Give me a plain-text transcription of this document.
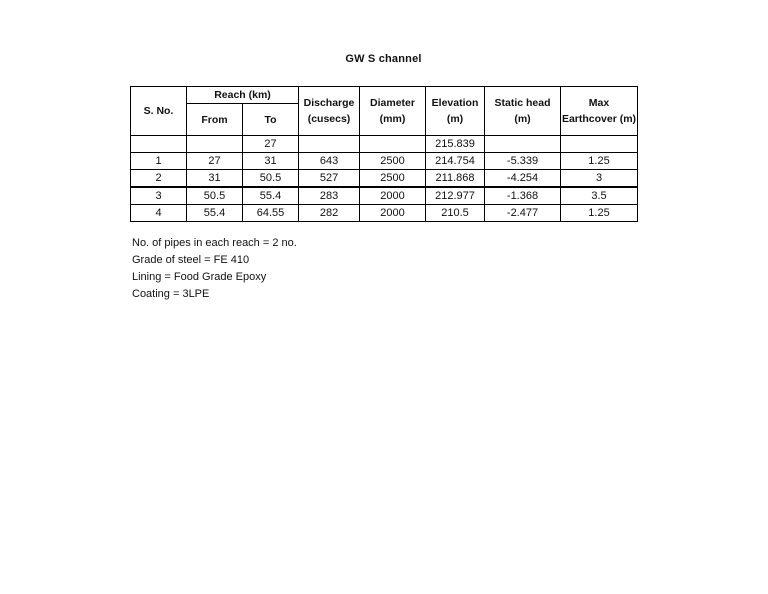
GW S channel
S. No.	Reach (km)		Discharge (cusecs)	Diameter (mm)	Elevation (m)	Static head (m)	Max Earthcover (m)
	From	To					
		27			215.839		
1	27	31	643	2500	214.754	-5.339	1.25
2	31	50.5	527	2500	211.868	-4.254	3
3	50.5	55.4	283	2000	212.977	-1.368	3.5
4	55.4	64.55	282	2000	210.5	-2.477	1.25
No. of pipes in each reach = 2 no.
Grade of steel = FE 410
Lining = Food Grade Epoxy
Coating = 3LPE
